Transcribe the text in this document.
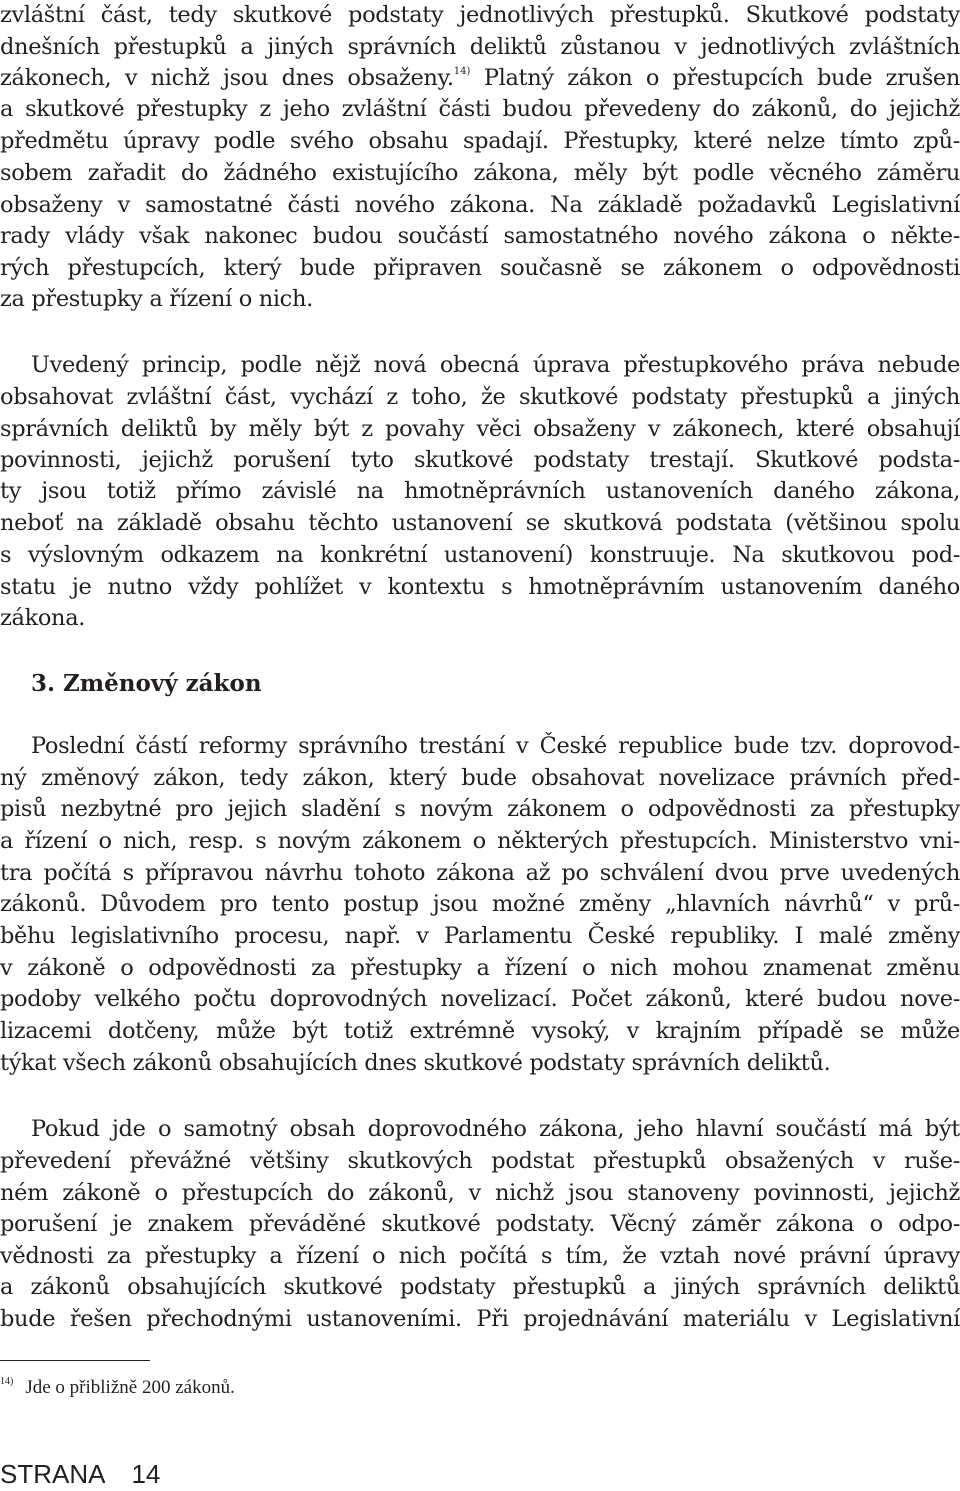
zvláštní část, tedy skutkové podstaty jednotlivých přestupků. Skutkové podstaty
dnešních přestupků a jiných správních deliktů zůstanou v jednotlivých zvláštních
zákonech, v nichž jsou dnes obsaženy.$^{14)}$ Platný zákon o přestupcích bude zrušen
a skutkové přestupky z jeho zvláštní části budou převedeny do zákonů, do jejichž
předmětu úpravy podle svého obsahu spadají. Přestupky, které nelze tímto způ-
sobem zařadit do žádného existujícího zákona, měly být podle věcného záměru
obsaženy v samostatné části nového zákona. Na základě požadavků Legislativní
rady vlády však nakonec budou součástí samostatného nového zákona o někte-
rých přestupcích, který bude připraven současně se zákonem o odpovědnosti
za přestupky a řízení o nich.
Uvedený princip, podle nějž nová obecná úprava přestupkového práva nebude
obsahovat zvláštní část, vychází z toho, že skutkové podstaty přestupků a jiných
správních deliktů by měly být z povahy věci obsaženy v zákonech, které obsahují
povinnosti, jejichž porušení tyto skutkové podstaty trestají. Skutkové podsta-
ty jsou totiž přímo závislé na hmotněprávních ustanoveních daného zákona,
neboť na základě obsahu těchto ustanovení se skutková podstata (většinou spolu
s výslovným odkazem na konkrétní ustanovení) konstruuje. Na skutkovou pod-
statu je nutno vždy pohlížet v kontextu s hmotněprávním ustanovením daného
zákona.
3. Změnový zákon
Poslední částí reformy správního trestání v České republice bude tzv. doprovod-
ný změnový zákon, tedy zákon, který bude obsahovat novelizace právních před-
pisů nezbytné pro jejich sladění s novým zákonem o odpovědnosti za přestupky
a řízení o nich, resp. s novým zákonem o některých přestupcích. Ministerstvo vni-
tra počítá s přípravou návrhu tohoto zákona až po schválení dvou prve uvedených
zákonů. Důvodem pro tento postup jsou možné změny „hlavních návrhů“ v prů-
běhu legislativního procesu, např. v Parlamentu České republiky. I malé změny
v zákoně o odpovědnosti za přestupky a řízení o nich mohou znamenat změnu
podoby velkého počtu doprovodných novelizací. Počet zákonů, které budou nove-
lizacemi dotčeny, může být totiž extrémně vysoký, v krajním případě se může
týkat všech zákonů obsahujících dnes skutkové podstaty správních deliktů.
Pokud jde o samotný obsah doprovodného zákona, jeho hlavní součástí má být
převedení převážné většiny skutkových podstat přestupků obsažených v ruše-
ném zákoně o přestupcích do zákonů, v nichž jsou stanoveny povinnosti, jejichž
porušení je znakem převáděné skutkové podstaty. Věcný záměr zákona o odpo-
vědnosti za přestupky a řízení o nich počítá s tím, že vztah nové právní úpravy
a zákonů obsahujících skutkové podstaty přestupků a jiných správních deliktů
bude řešen přechodnými ustanoveními. Při projednávání materiálu v Legislativní
$^{14)}$ Jde o přibližně 200 zákonů.
STRANA 14
